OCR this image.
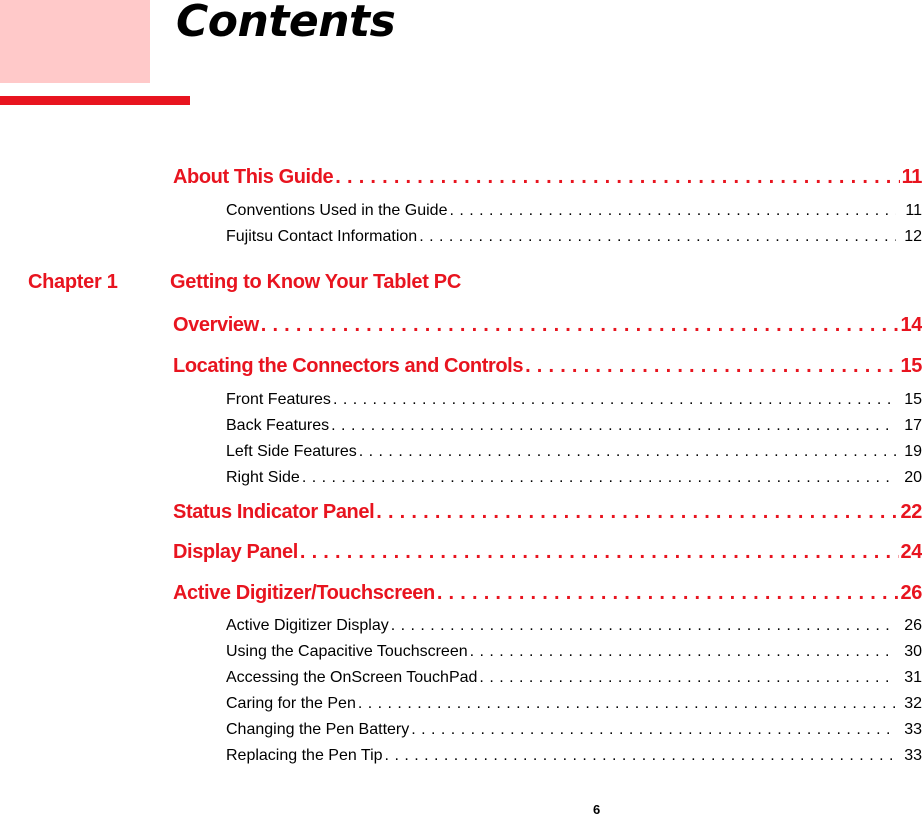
Contents
About This Guide . . .	11
Conventions Used in the Guide . . .	11
Fujitsu Contact Information . . .	12
Chapter 1	Getting to Know Your Tablet PC
Overview . . .	14
Locating the Connectors and Controls . . .	15
Front Features . . .	15
Back Features . . .	17
Left Side Features . . .	19
Right Side . . .	20
Status Indicator Panel . . .	22
Display Panel . . .	24
Active Digitizer/Touchscreen . . .	26
Active Digitizer Display . . .	26
Using the Capacitive Touchscreen . . .	30
Accessing the OnScreen TouchPad . . .	31
Caring for the Pen . . .	32
Changing the Pen Battery . . .	33
Replacing the Pen Tip . . .	33
6
